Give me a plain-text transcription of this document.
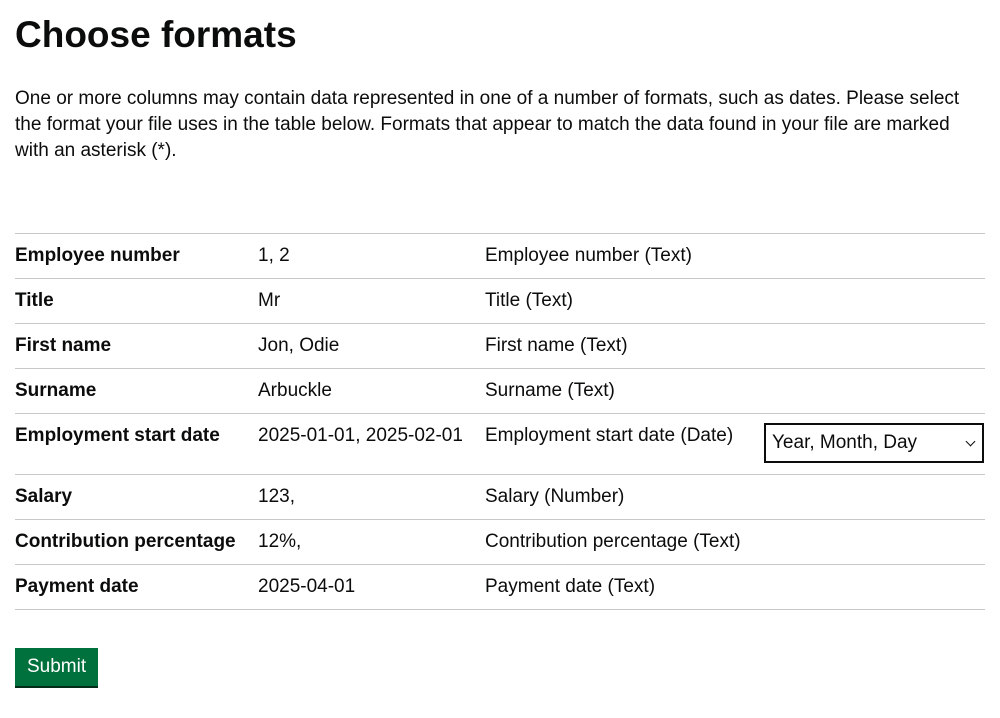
Choose formats

One or more columns may contain data represented in one of a number of formats, such as dates. Please select the format your file uses in the table below. Formats that appear to match the data found in your file are marked with an asterisk (*).

Employee number	1, 2	Employee number (Text)	
Title	Mr	Title (Text)	
First name	Jon, Odie	First name (Text)	
Surname	Arbuckle	Surname (Text)	
Employment start date	2025-01-01, 2025-02-01	Employment start date (Date)	Year, Month, Day

Salary	123,	Salary (Number)	
Contribution percentage	12%,	Contribution percentage (Text)	
Payment date	2025-04-01	Payment date (Text)	
Submit
